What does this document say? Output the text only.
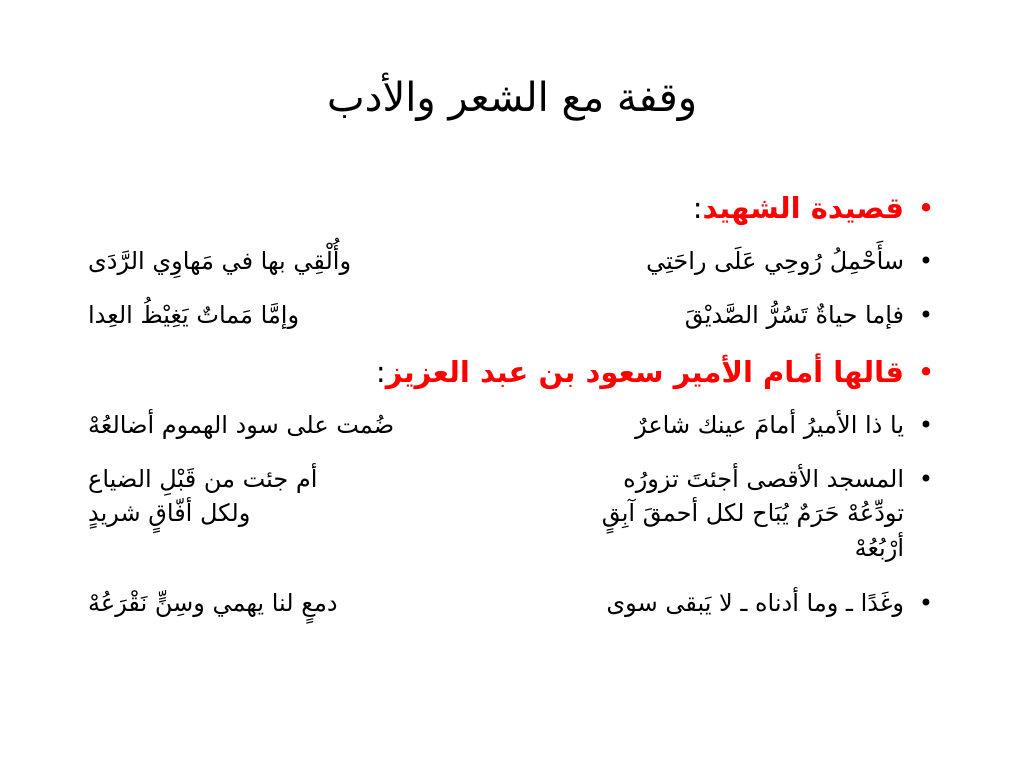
وقفة مع الشعر والأدب
•
قصيدة الشهيد:
•
سأَحْمِلُ رُوحِي عَلَى راحَتِي
وأُلْقِي بها في مَهاوِي الرَّدَى
•
فإما حياةٌ تَسُرُّ الصَّديْقَ
وإمَّا مَماتٌ يَغِيْظُ العِدا
•
قالها أمام الأمير سعود بن عبد العزيز:
•
يا ذا الأميرُ أمامَ عينك شاعرٌ
ضُمت على سود الهموم أضالعُهْ
•
المسجد الأقصى أجئتَ تزورُه
أم جئت من قَبْلِ الضياع
تودِّعُهْ حَرَمٌ يُبَاح لكل أحمقَ آبِقٍ
ولكل أفّاقٍ شريدٍ
أرْبُعُهْ
•
وغَدًا ـ وما أدناه ـ لا يَبقى سوى
دمعٍ لنا يهمي وسِنٍّ نَقْرَعُهْ
